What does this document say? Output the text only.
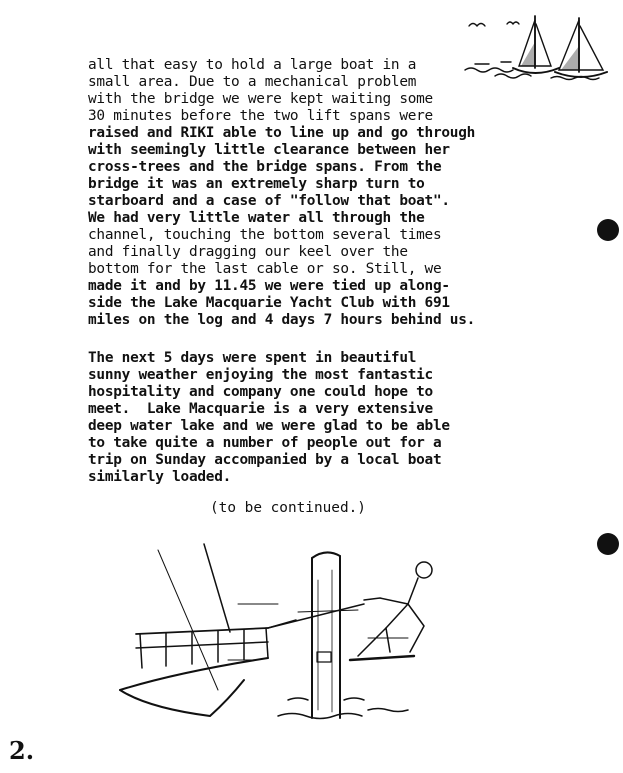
all that easy to hold a large boat in a
small area. Due to a mechanical problem
with the bridge we were kept waiting some
30 minutes before the two lift spans were
raised and RIKI able to line up and go through
with seemingly little clearance between her
cross-trees and the bridge spans. From the
bridge it was an extremely sharp turn to
starboard and a case of "follow that boat".
We had very little water all through the
channel, touching the bottom several times
and finally dragging our keel over the
bottom for the last cable or so. Still, we
made it and by 11.45 we were tied up along-
side the Lake Macquarie Yacht Club with 691
miles on the log and 4 days 7 hours behind us.

The next 5 days were spent in beautiful
sunny weather enjoying the most fantastic
hospitality and company one could hope to
meet.  Lake Macquarie is a very extensive
deep water lake and we were glad to be able
to take quite a number of people out for a
trip on Sunday accompanied by a local boat
similarly loaded.

(to be continued.)
2.
